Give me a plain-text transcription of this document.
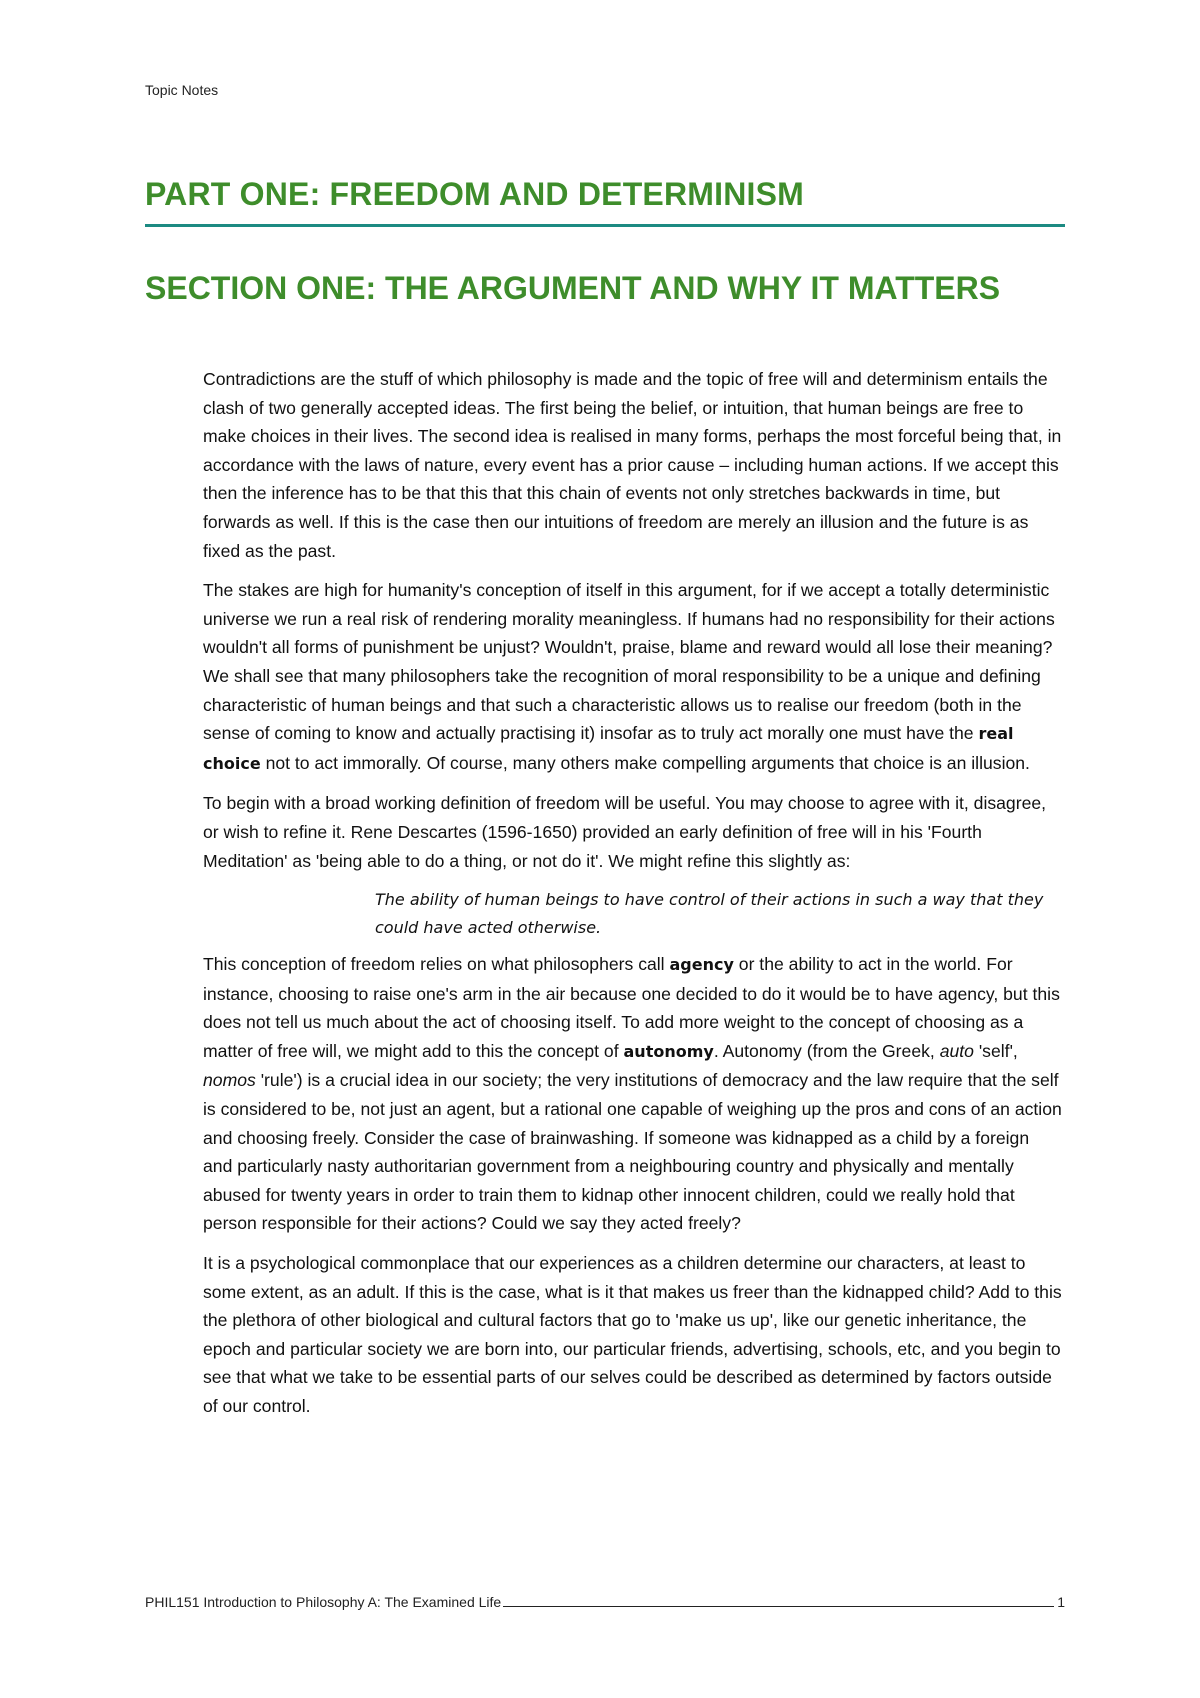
Topic Notes
PART ONE: FREEDOM AND DETERMINISM
SECTION ONE: THE ARGUMENT AND WHY IT MATTERS

Contradictions are the stuff of which philosophy is made and the topic of free will and determinism entails the clash of two generally accepted ideas. The first being the belief, or intuition, that human beings are free to make choices in their lives. The second idea is realised in many forms, perhaps the most forceful being that, in accordance with the laws of nature, every event has a prior cause – including human actions. If we accept this then the inference has to be that this that this chain of events not only stretches backwards in time, but forwards as well. If this is the case then our intuitions of freedom are merely an illusion and the future is as fixed as the past.

The stakes are high for humanity's conception of itself in this argument, for if we accept a totally deterministic universe we run a real risk of rendering morality meaningless. If humans had no responsibility for their actions wouldn't all forms of punishment be unjust? Wouldn't, praise, blame and reward would all lose their meaning? We shall see that many philosophers take the recognition of moral responsibility to be a unique and defining characteristic of human beings and that such a characteristic allows us to realise our freedom (both in the sense of coming to know and actually practising it) insofar as to truly act morally one must have the real choice not to act immorally. Of course, many others make compelling arguments that choice is an illusion.

To begin with a broad working definition of freedom will be useful. You may choose to agree with it, disagree, or wish to refine it. Rene Descartes (1596-1650) provided an early definition of free will in his 'Fourth Meditation' as 'being able to do a thing, or not do it'. We might refine this slightly as:

The ability of human beings to have control of their actions in such a way that they could have acted otherwise.

This conception of freedom relies on what philosophers call agency or the ability to act in the world. For instance, choosing to raise one's arm in the air because one decided to do it would be to have agency, but this does not tell us much about the act of choosing itself. To add more weight to the concept of choosing as a matter of free will, we might add to this the concept of autonomy. Autonomy (from the Greek, auto 'self', nomos 'rule') is a crucial idea in our society; the very institutions of democracy and the law require that the self is considered to be, not just an agent, but a rational one capable of weighing up the pros and cons of an action and choosing freely. Consider the case of brainwashing. If someone was kidnapped as a child by a foreign and particularly nasty authoritarian government from a neighbouring country and physically and mentally abused for twenty years in order to train them to kidnap other innocent children, could we really hold that person responsible for their actions? Could we say they acted freely?

It is a psychological commonplace that our experiences as a children determine our characters, at least to some extent, as an adult. If this is the case, what is it that makes us freer than the kidnapped child? Add to this the plethora of other biological and cultural factors that go to 'make us up', like our genetic inheritance, the epoch and particular society we are born into, our particular friends, advertising, schools, etc, and you begin to see that what we take to be essential parts of our selves could be described as determined by factors outside of our control.

PHIL151 Introduction to Philosophy A: The Examined Life	1
